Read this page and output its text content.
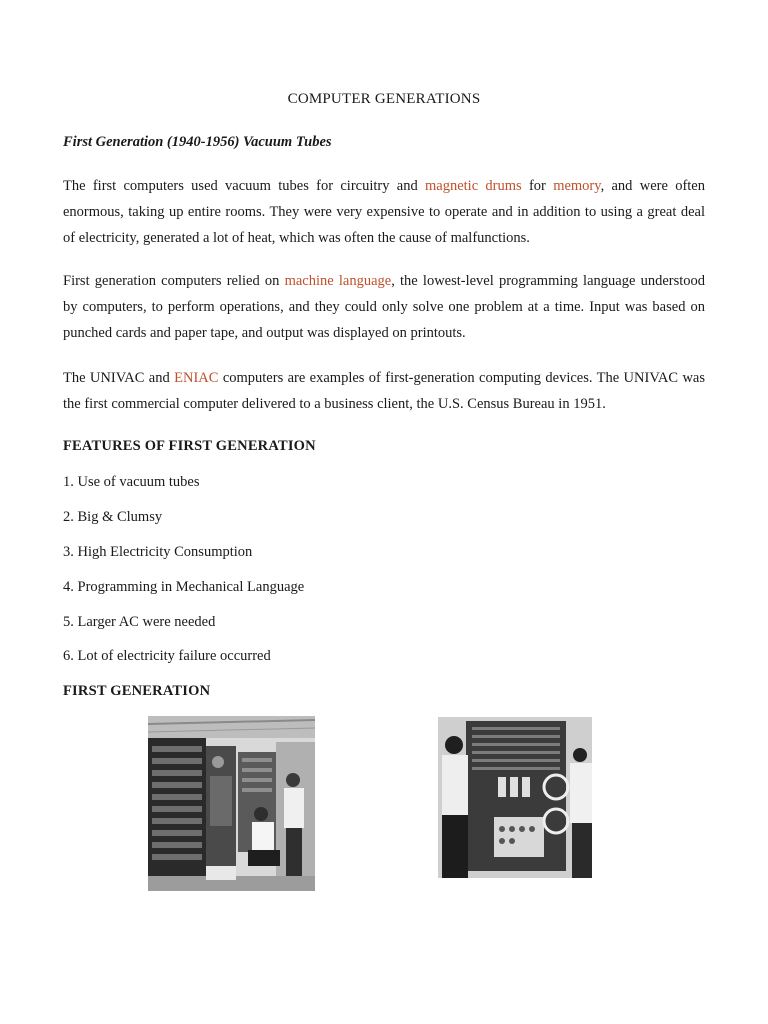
COMPUTER GENERATIONS
First Generation (1940-1956) Vacuum Tubes
The first computers used vacuum tubes for circuitry and magnetic drums for memory, and were often enormous, taking up entire rooms. They were very expensive to operate and in addition to using a great deal of electricity, generated a lot of heat, which was often the cause of malfunctions.
First generation computers relied on machine language, the lowest-level programming language understood by computers, to perform operations, and they could only solve one problem at a time. Input was based on punched cards and paper tape, and output was displayed on printouts.
The UNIVAC and ENIAC computers are examples of first-generation computing devices. The UNIVAC was the first commercial computer delivered to a business client, the U.S. Census Bureau in 1951.
FEATURES OF FIRST GENERATION
1. Use of vacuum tubes
2. Big & Clumsy
3. High Electricity Consumption
4. Programming in Mechanical Language
5. Larger AC were needed
6. Lot of electricity failure occurred
FIRST GENERATION
